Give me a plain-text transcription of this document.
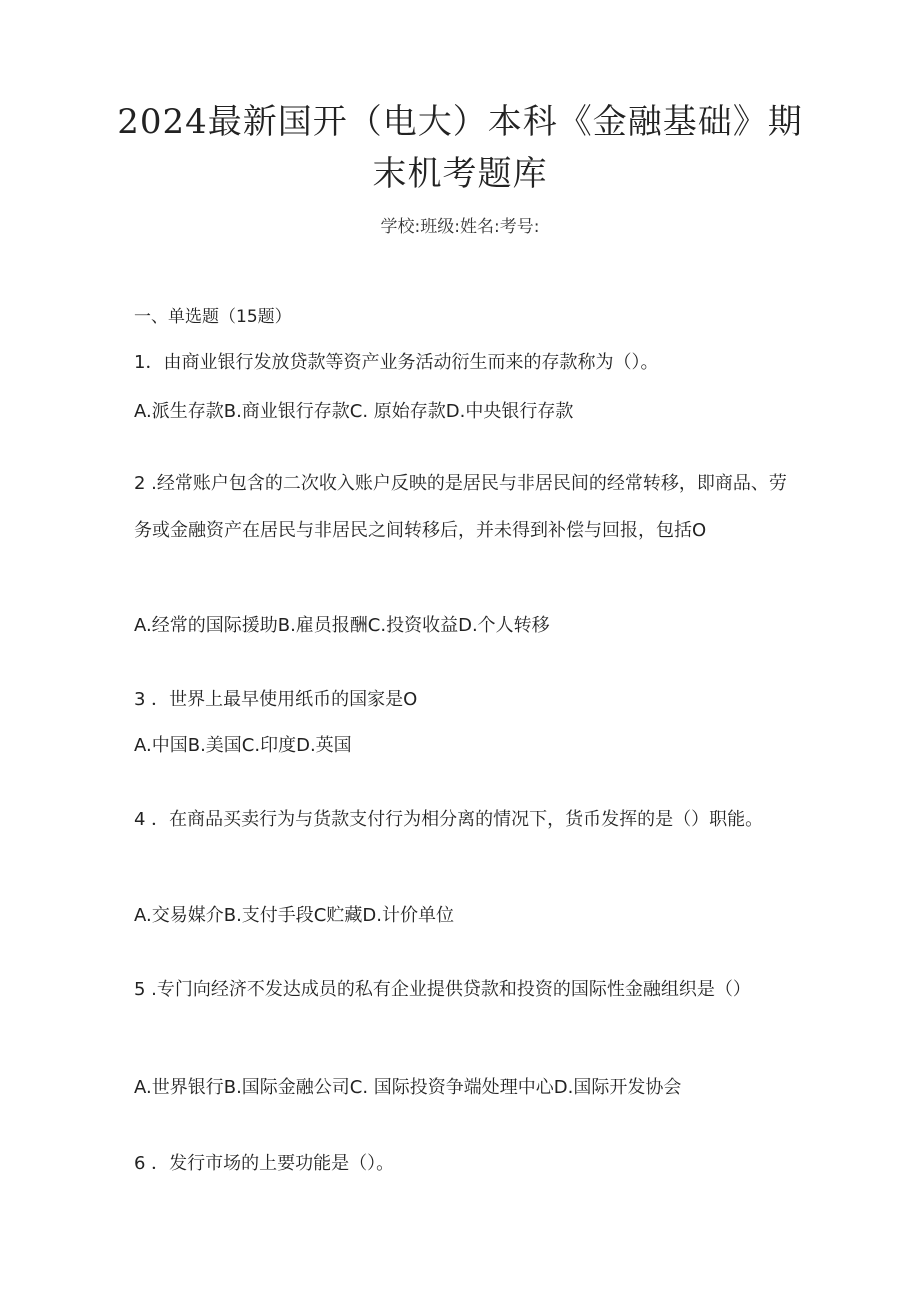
2024最新国开（电大）本科《金融基础》期
末机考题库
学校:班级:姓名:考号:
一、单选题（15题）
1．由商业银行发放贷款等资产业务活动衍生而来的存款称为（）。
A.派生存款B.商业银行存款C. 原始存款D.中央银行存款
2 .经常账户包含的二次收入账户反映的是居民与非居民间的经常转移，即商品、劳务或金融资产在居民与非居民之间转移后，并未得到补偿与回报，包括O
A.经常的国际援助B.雇员报酬C.投资收益D.个人转移
3 ．世界上最早使用纸币的国家是O
A.中国B.美国C.印度D.英国
4 ．在商品买卖行为与货款支付行为相分离的情况下，货币发挥的是（）职能。
A.交易媒介B.支付手段C贮藏D.计价单位
5 .专门向经济不发达成员的私有企业提供贷款和投资的国际性金融组织是（）
A.世界银行B.国际金融公司C. 国际投资争端处理中心D.国际开发协会
6 ．发行市场的上要功能是（）。
